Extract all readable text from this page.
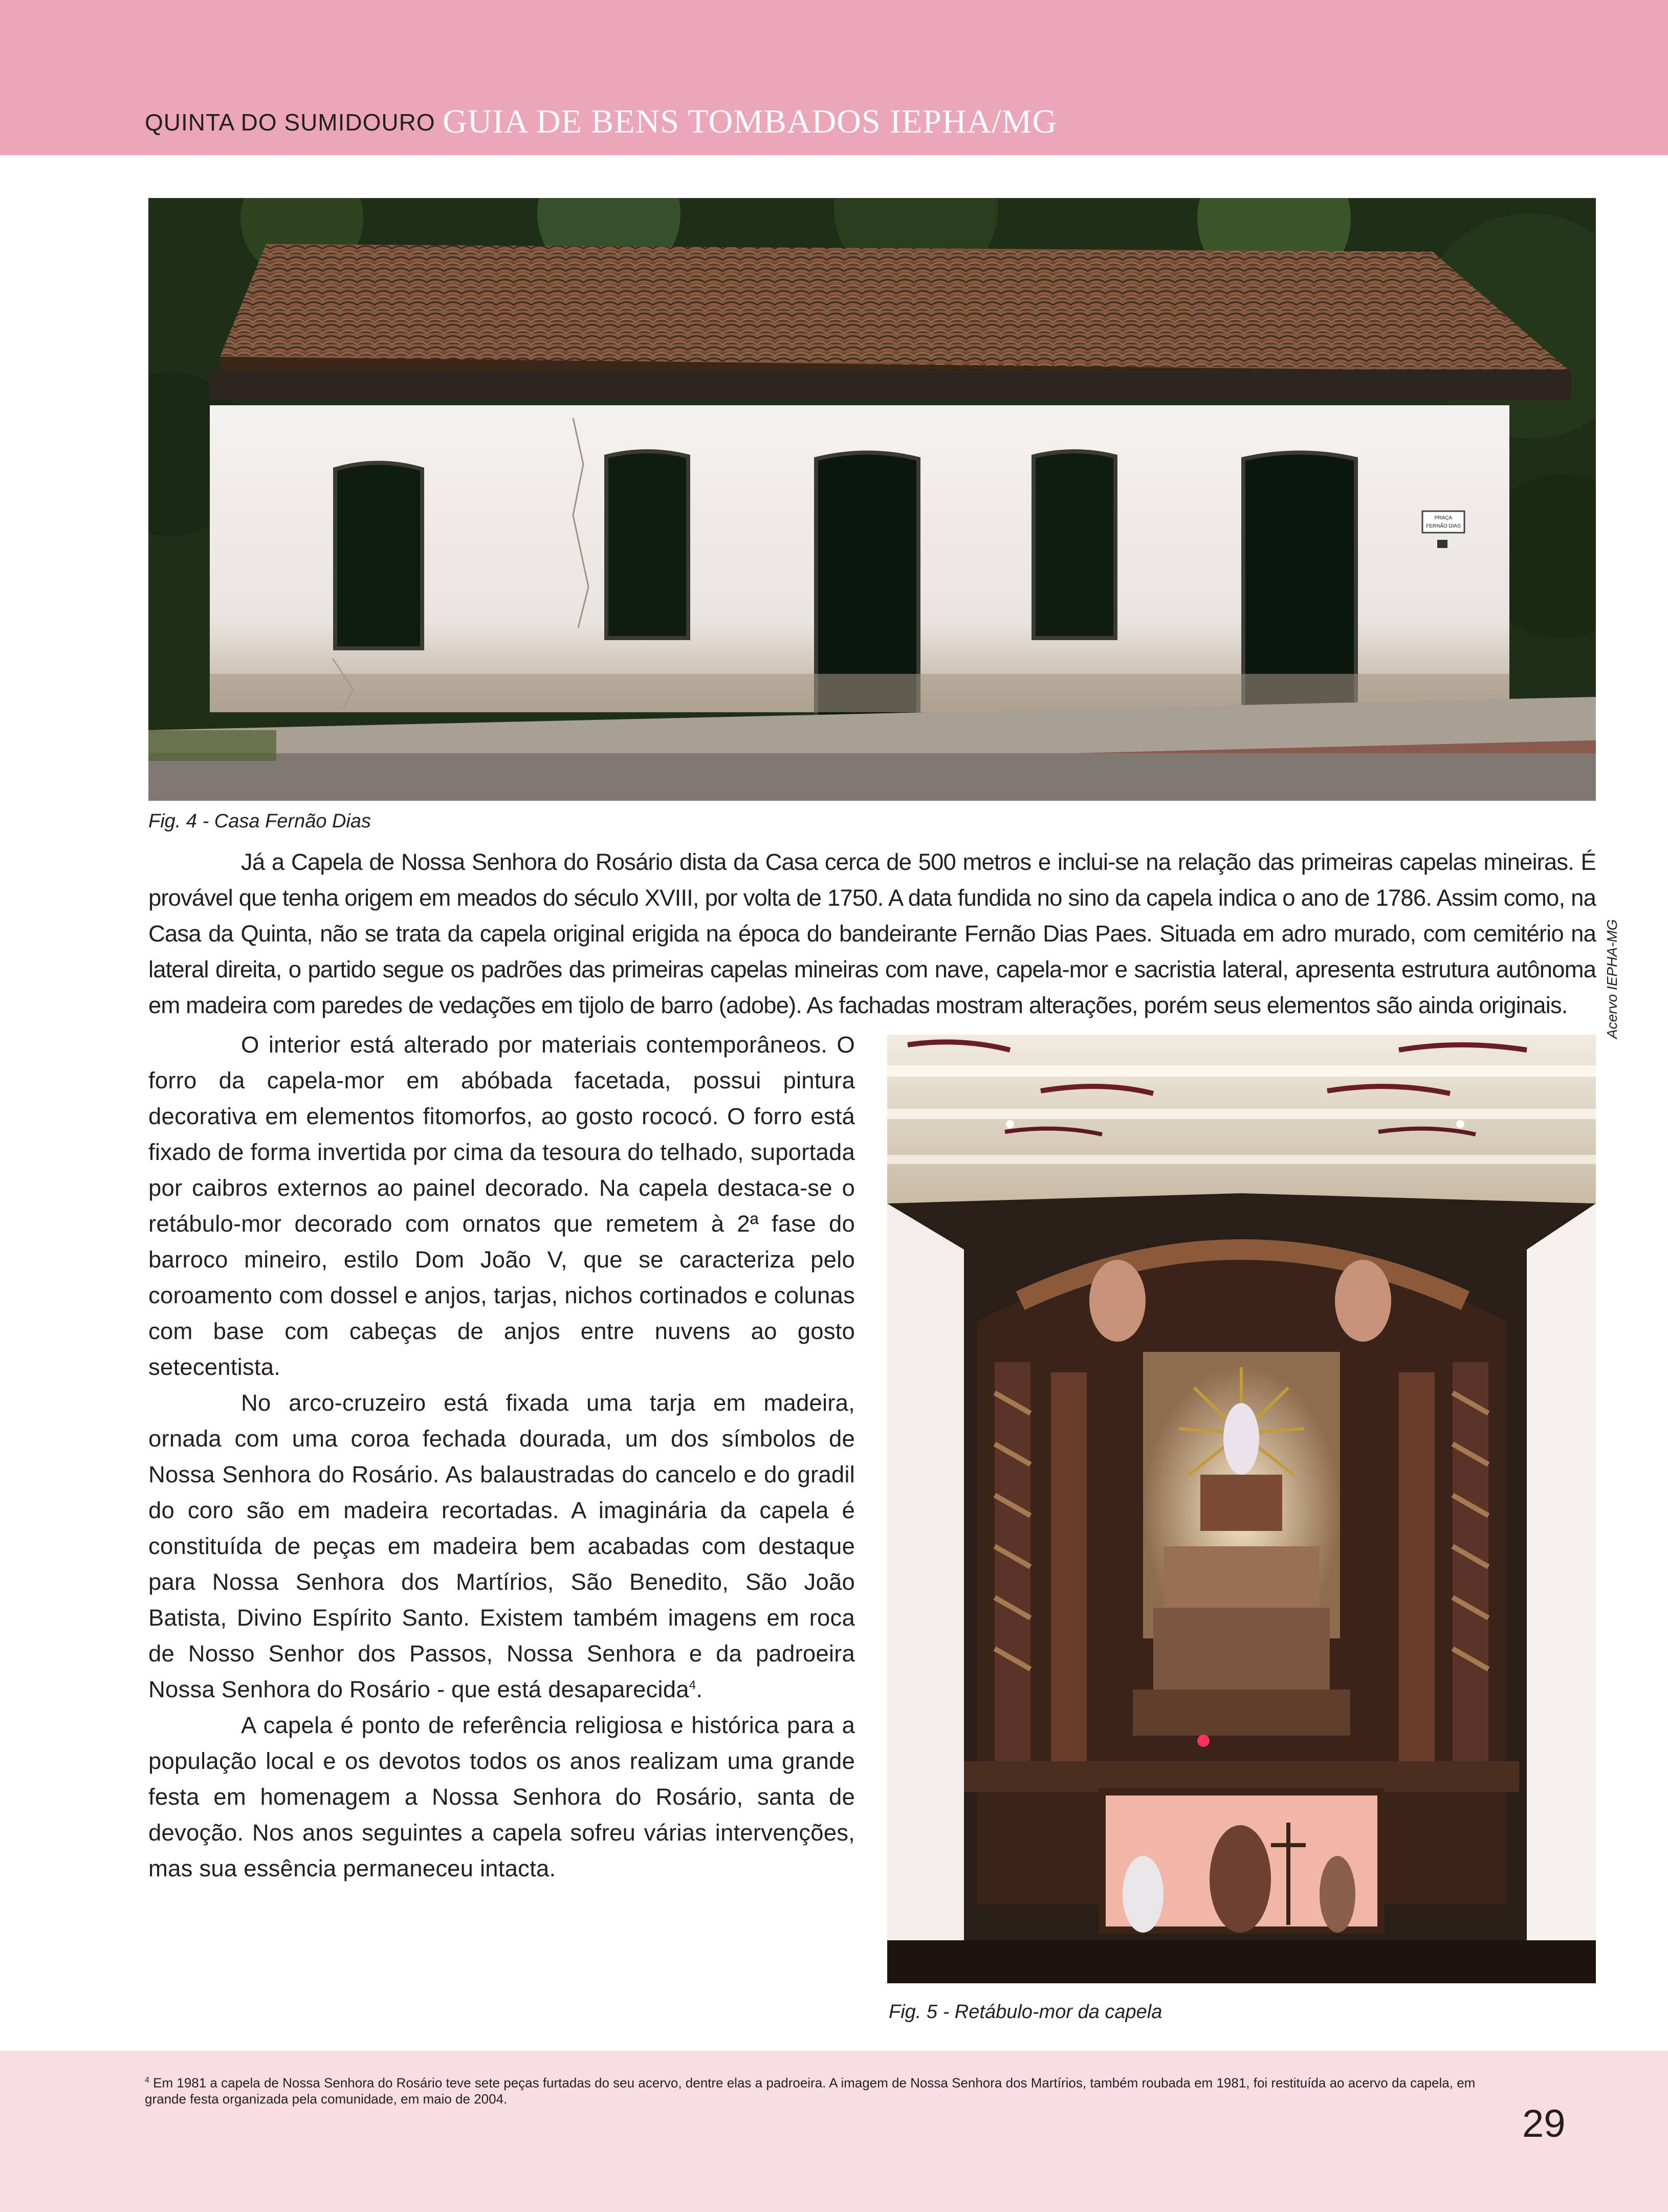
QUINTA DO SUMIDOURO GUIA DE BENS TOMBADOS IEPHA/MG
PRAÇA
FERNÃO DIAS
Fig. 4 - Casa Fernão Dias

Já a Capela de Nossa Senhora do Rosário dista da Casa cerca de 500 metros e inclui-se na relação das primeiras capelas mineiras. É provável que tenha origem em meados do século XVIII, por volta de 1750. A data fundida no sino da capela indica o ano de 1786. Assim como, na Casa da Quinta, não se trata da capela original erigida na época do bandeirante Fernão Dias Paes. Situada em adro murado, com cemitério na lateral direita, o partido segue os padrões das primeiras capelas mineiras com nave, capela-mor e sacristia lateral, apresenta estrutura autônoma em madeira com paredes de vedações em tijolo de barro (adobe). As fachadas mostram alterações, porém seus elementos são ainda originais.

O interior está alterado por materiais contemporâneos. O forro da capela-mor em abóbada facetada, possui pintura decorativa em elementos fitomorfos, ao gosto rococó. O forro está fixado de forma invertida por cima da tesoura do telhado, suportada por caibros externos ao painel decorado. Na capela destaca-se o retábulo-mor decorado com ornatos que remetem à 2ª fase do barroco mineiro, estilo Dom João V, que se caracteriza pelo coroamento com dossel e anjos, tarjas, nichos cortinados e colunas com base com cabeças de anjos entre nuvens ao gosto setecentista.

No arco-cruzeiro está fixada uma tarja em madeira, ornada com uma coroa fechada dourada, um dos símbolos de Nossa Senhora do Rosário. As balaustradas do cancelo e do gradil do coro são em madeira recortadas. A imaginária da capela é constituída de peças em madeira bem acabadas com destaque para Nossa Senhora dos Martírios, São Benedito, São João Batista, Divino Espírito Santo. Existem também imagens em roca de Nosso Senhor dos Passos, Nossa Senhora e da padroeira Nossa Senhora do Rosário - que está desaparecida$^4$.

A capela é ponto de referência religiosa e histórica para a população local e os devotos todos os anos realizam uma grande festa em homenagem a Nossa Senhora do Rosário, santa de devoção. Nos anos seguintes a capela sofreu várias intervenções, mas sua essência permaneceu intacta.

Acervo IEPHA-MG
Fig. 5 - Retábulo-mor da capela
$^4$ Em 1981 a capela de Nossa Senhora do Rosário teve sete peças furtadas do seu acervo, dentre elas a padroeira. A imagem de Nossa Senhora dos Martírios, também roubada em 1981, foi restituída ao acervo da capela, em grande festa organizada pela comunidade, em maio de 2004.
29
